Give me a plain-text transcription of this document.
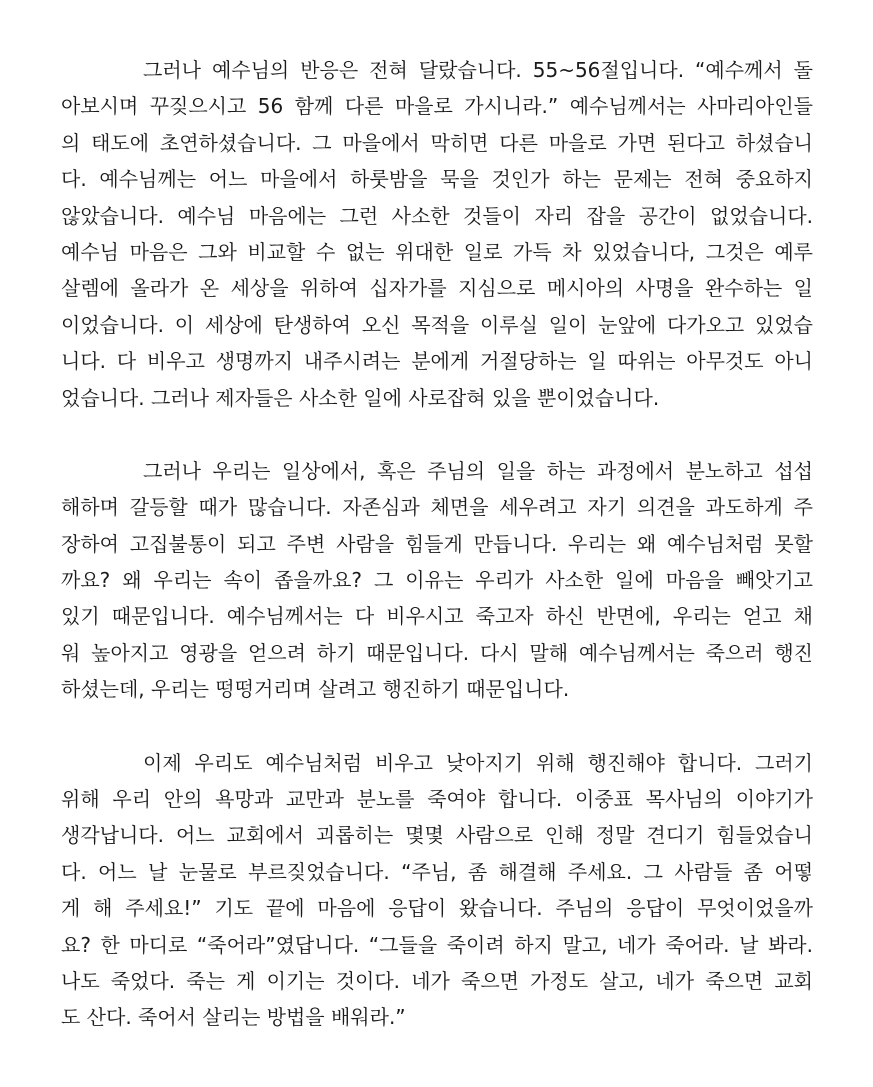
그러나 예수님의 반응은 전혀 달랐습니다. 55~56절입니다. “예수께서 돌
아보시며 꾸짖으시고 56 함께 다른 마을로 가시니라.” 예수님께서는 사마리아인들
의 태도에 초연하셨습니다. 그 마을에서 막히면 다른 마을로 가면 된다고 하셨습니
다. 예수님께는 어느 마을에서 하룻밤을 묵을 것인가 하는 문제는 전혀 중요하지
않았습니다. 예수님 마음에는 그런 사소한 것들이 자리 잡을 공간이 없었습니다.
예수님 마음은 그와 비교할 수 없는 위대한 일로 가득 차 있었습니다, 그것은 예루
살렘에 올라가 온 세상을 위하여 십자가를 지심으로 메시아의 사명을 완수하는 일
이었습니다. 이 세상에 탄생하여 오신 목적을 이루실 일이 눈앞에 다가오고 있었습
니다. 다 비우고 생명까지 내주시려는 분에게 거절당하는 일 따위는 아무것도 아니
었습니다. 그러나 제자들은 사소한 일에 사로잡혀 있을 뿐이었습니다.
그러나 우리는 일상에서, 혹은 주님의 일을 하는 과정에서 분노하고 섭섭
해하며 갈등할 때가 많습니다. 자존심과 체면을 세우려고 자기 의견을 과도하게 주
장하여 고집불통이 되고 주변 사람을 힘들게 만듭니다. 우리는 왜 예수님처럼 못할
까요? 왜 우리는 속이 좁을까요? 그 이유는 우리가 사소한 일에 마음을 빼앗기고
있기 때문입니다. 예수님께서는 다 비우시고 죽고자 하신 반면에, 우리는 얻고 채
워 높아지고 영광을 얻으려 하기 때문입니다. 다시 말해 예수님께서는 죽으러 행진
하셨는데, 우리는 떵떵거리며 살려고 행진하기 때문입니다.
이제 우리도 예수님처럼 비우고 낮아지기 위해 행진해야 합니다. 그러기
위해 우리 안의 욕망과 교만과 분노를 죽여야 합니다. 이중표 목사님의 이야기가
생각납니다. 어느 교회에서 괴롭히는 몇몇 사람으로 인해 정말 견디기 힘들었습니
다. 어느 날 눈물로 부르짖었습니다. “주님, 좀 해결해 주세요. 그 사람들 좀 어떻
게 해 주세요!” 기도 끝에 마음에 응답이 왔습니다. 주님의 응답이 무엇이었을까
요? 한 마디로 “죽어라”였답니다. “그들을 죽이려 하지 말고, 네가 죽어라. 날 봐라.
나도 죽었다. 죽는 게 이기는 것이다. 네가 죽으면 가정도 살고, 네가 죽으면 교회
도 산다. 죽어서 살리는 방법을 배워라.”
